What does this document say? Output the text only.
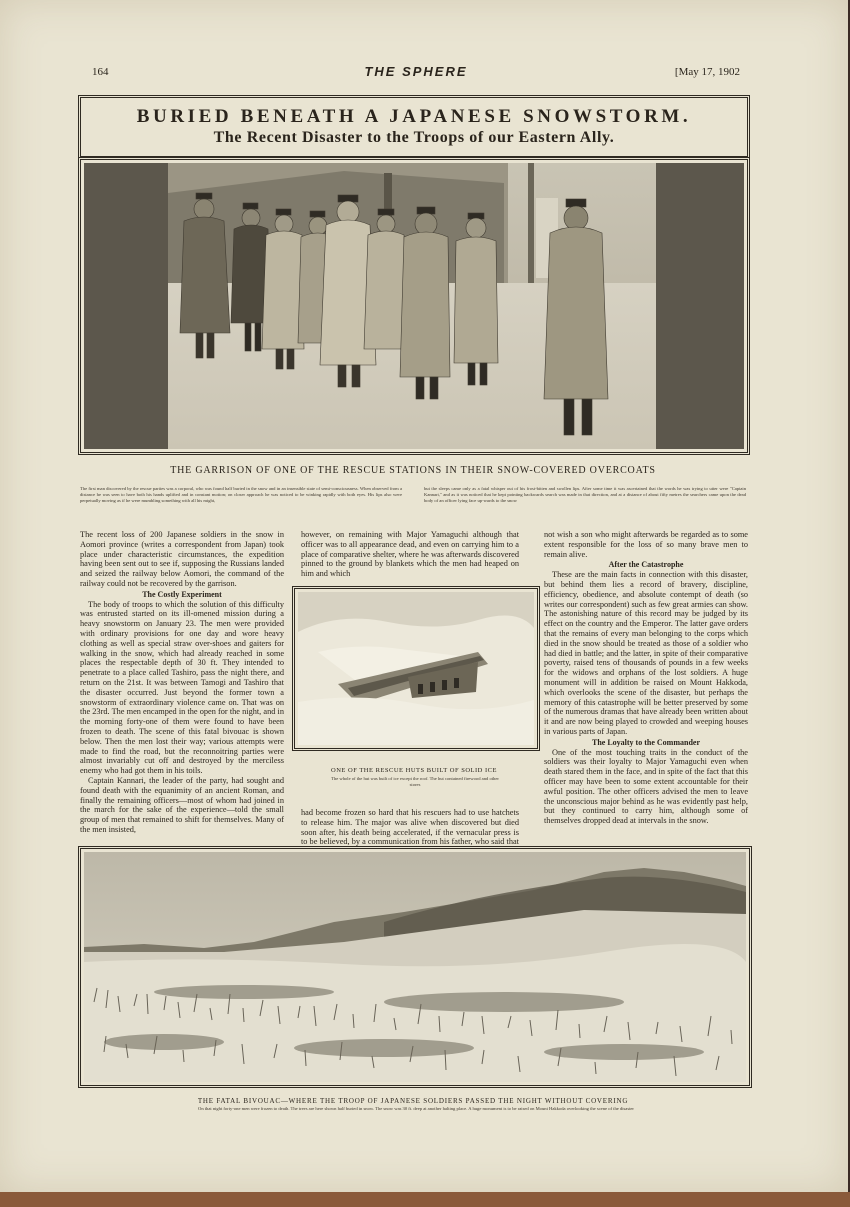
164	THE SPHERE	[May 17, 1902
BURIED BENEATH A JAPANESE SNOWSTORM.
The Recent Disaster to the Troops of our Eastern Ally.
THE GARRISON OF ONE OF THE RESCUE STATIONS IN THEIR SNOW-COVERED OVERCOATS
The first man discovered by the rescue parties was a corporal, who was found half buried in the snow and in an insensible state of semi-consciousness. When observed from a distance he was seen to have both his hands uplifted and in constant motion; on closer approach he was noticed to be winking rapidly with both eyes. His lips also were perpetually moving as if he were mumbling something with all his might,
but the sleeps came only as a fatal whisper out of his frost-bitten and swollen lips. After some time it was ascertained that the words he was trying to utter were "Captain Kannari," and as it was noticed that he kept pointing backwards search was made in that direction, and at a distance of about fifty metres the searchers came upon the dead body of an officer lying face up-wards to the snow

The recent loss of 200 Japanese soldiers in the snow in Aomori province (writes a correspondent from Japan) took place under characteristic circumstances, the expedition having been sent out to see if, supposing the Russians landed and seized the railway below Aomori, the command of the railway could not be recovered by the garrison.

The Costly Experiment

The body of troops to which the solution of this difficulty was entrusted started on its ill-omened mission during a heavy snowstorm on January 23. The men were provided with ordinary provisions for one day and wore heavy clothing as well as special straw over-shoes and gaiters for walking in the snow, which had already reached in some places the respectable depth of 30 ft. They intended to penetrate to a place called Tashiro, pass the night there, and return on the 21st. It was between Tamogi and Tashiro that the disaster occurred. Just beyond the former town a snowstorm of extraordinary violence came on. That was on the 23rd. The men encamped in the open for the night, and in the morning forty-one of them were found to have been frozen to death. The scene of this fatal bivouac is shown below. Then the men lost their way; various attempts were made to find the road, but the reconnoitring parties were almost invariably cut off and destroyed by the merciless enemy who had got them in his toils.

Captain Kannari, the leader of the party, had sought and found death with the equanimity of an ancient Roman, and finally the remaining officers—most of whom had joined in the march for the sake of the experience—told the small group of men that remained to shift for themselves. Many of the men insisted,

however, on remaining with Major Yamaguchi although that officer was to all appearance dead, and even on carrying him to a place of comparative shelter, where he was afterwards discovered pinned to the ground by blankets which the men had heaped on him and which

ONE OF THE RESCUE HUTS BUILT OF SOLID ICE
The whole of the hut was built of ice except the roof. The hut contained firewood and other stores

had become frozen so hard that his rescuers had to use hatchets to release him. The major was alive when discovered but died soon after, his death being accelerated, if the vernacular press is to be believed, by a communication from his father, who said that

not wish a son who might afterwards be regarded as to some extent responsible for the loss of so many brave men to remain alive.

After the Catastrophe

These are the main facts in connection with this disaster, but behind them lies a record of bravery, discipline, efficiency, obedience, and absolute contempt of death (so writes our correspondent) such as few great armies can show. The astonishing nature of this record may be judged by its effect on the country and the Emperor. The latter gave orders that the remains of every man belonging to the corps which died in the snow should be treated as those of a soldier who had died in battle; and the latter, in spite of their comparative poverty, raised tens of thousands of pounds in a few weeks for the widows and orphans of the lost soldiers. A huge monument will in addition be raised on Mount Hakkoda, which overlooks the scene of the disaster, but perhaps the memory of this catastrophe will be better preserved by some of the numerous dramas that have already been written about it and are now being played to crowded and weeping houses in various parts of Japan.

The Loyalty to the Commander

One of the most touching traits in the conduct of the soldiers was their loyalty to Major Yamaguchi even when death stared them in the face, and in spite of the fact that this officer may have been to some extent accountable for their awful position. The other officers advised the men to leave the unconscious major behind as he was evidently past help, but they continued to carry him, although some of themselves dropped dead at intervals in the snow.

THE FATAL BIVOUAC—WHERE THE TROOP OF JAPANESE SOLDIERS PASSED THE NIGHT WITHOUT COVERING
On that night forty-one men were frozen to death. The trees are here shown half buried in snow. The snow was 30 ft. deep at another halting place. A huge monument is to be raised on Mount Hakkoda overlooking the scene of the disaster
